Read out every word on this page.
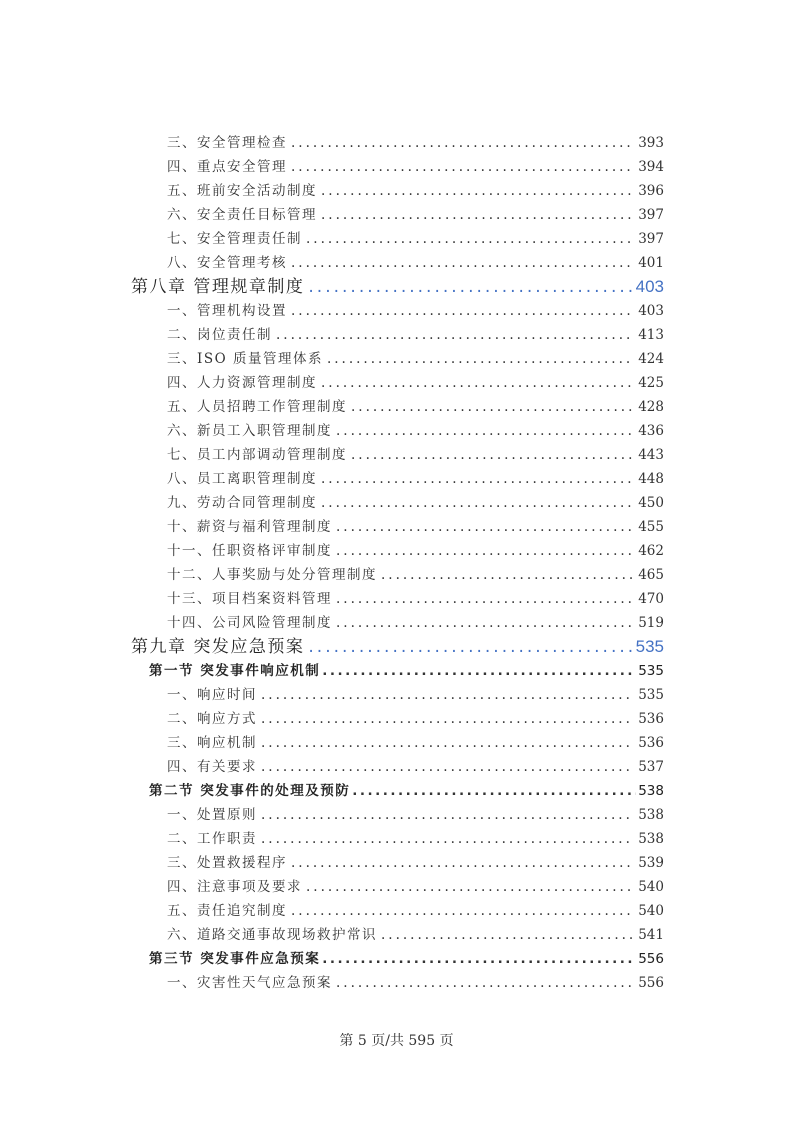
三、安全管理检查 .....	393
四、重点安全管理 .....	394
五、班前安全活动制度 .....	396
六、安全责任目标管理 .....	397
七、安全管理责任制 .....	397
八、安全管理考核 .....	401
第八章 管理规章制度 .....	403
一、管理机构设置 .....	403
二、岗位责任制 .....	413
三、ISO 质量管理体系 .....	424
四、人力资源管理制度 .....	425
五、人员招聘工作管理制度 .....	428
六、新员工入职管理制度 .....	436
七、员工内部调动管理制度 .....	443
八、员工离职管理制度 .....	448
九、劳动合同管理制度 .....	450
十、薪资与福利管理制度 .....	455
十一、任职资格评审制度 .....	462
十二、人事奖励与处分管理制度 .....	465
十三、项目档案资料管理 .....	470
十四、公司风险管理制度 .....	519
第九章 突发应急预案 .....	535
第一节 突发事件响应机制 .....	535
一、响应时间 .....	535
二、响应方式 .....	536
三、响应机制 .....	536
四、有关要求 .....	537
第二节 突发事件的处理及预防 .....	538
一、处置原则 .....	538
二、工作职责 .....	538
三、处置救援程序 .....	539
四、注意事项及要求 .....	540
五、责任追究制度 .....	540
六、道路交通事故现场救护常识 .....	541
第三节 突发事件应急预案 .....	556
一、灾害性天气应急预案 .....	556
第 5 页/共 595 页
